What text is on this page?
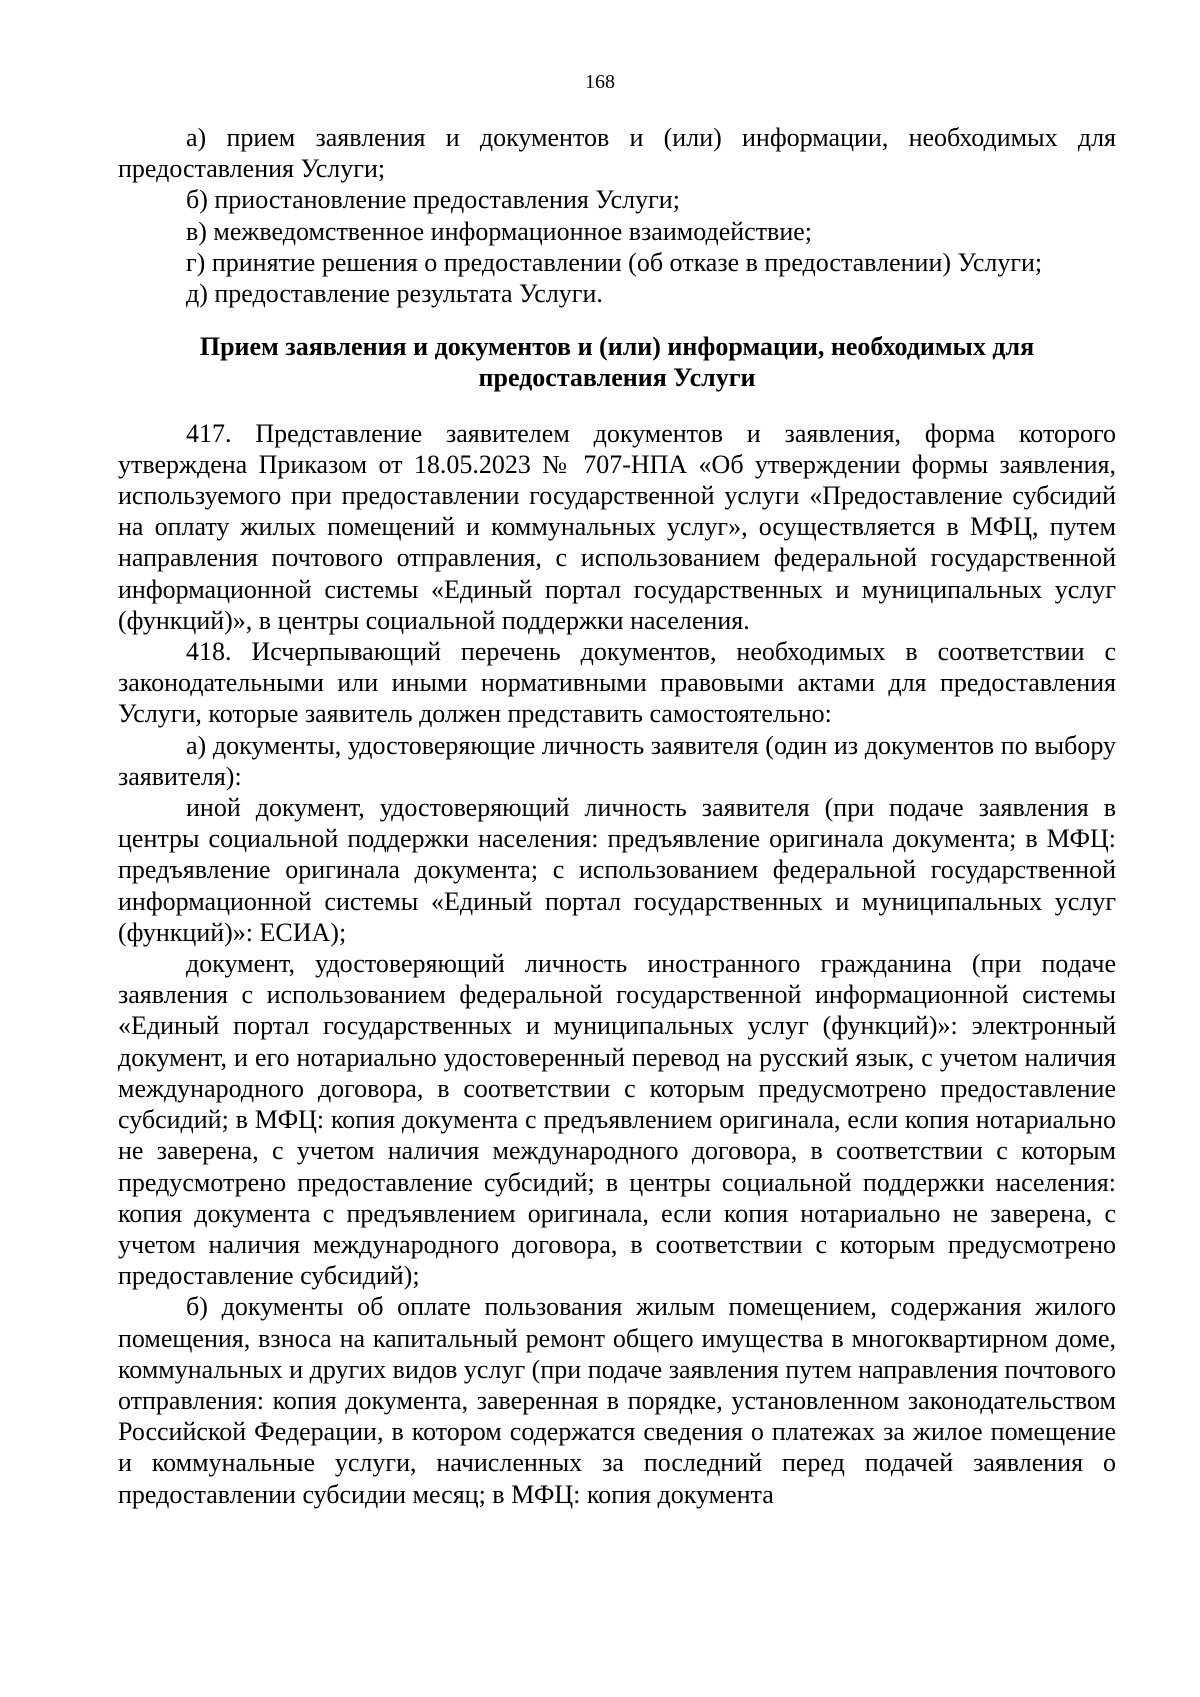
168

а) прием заявления и документов и (или) информации, необходимых для предоставления Услуги;

б) приостановление предоставления Услуги;

в) межведомственное информационное взаимодействие;

г) принятие решения о предоставлении (об отказе в предоставлении) Услуги;

д) предоставление результата Услуги.

Прием заявления и документов и (или) информации, необходимых для предоставления Услуги

417. Представление заявителем документов и заявления, форма которого утверждена Приказом от 18.05.2023 № 707-НПА «Об утверждении формы заявления, используемого при предоставлении государственной услуги «Предоставление субсидий на оплату жилых помещений и коммунальных услуг», осуществляется в МФЦ, путем направления почтового отправления, с использованием федеральной государственной информационной системы «Единый портал государственных и муниципальных услуг (функций)», в центры социальной поддержки населения.

418. Исчерпывающий перечень документов, необходимых в соответствии с законодательными или иными нормативными правовыми актами для предоставления Услуги, которые заявитель должен представить самостоятельно:

а) документы, удостоверяющие личность заявителя (один из документов по выбору заявителя):

иной документ, удостоверяющий личность заявителя (при подаче заявления в центры социальной поддержки населения: предъявление оригинала документа; в МФЦ: предъявление оригинала документа; с использованием федеральной государственной информационной системы «Единый портал государственных и муниципальных услуг (функций)»: ЕСИА);

документ, удостоверяющий личность иностранного гражданина (при подаче заявления с использованием федеральной государственной информационной системы «Единый портал государственных и муниципальных услуг (функций)»: электронный документ, и его нотариально удостоверенный перевод на русский язык, с учетом наличия международного договора, в соответствии с которым предусмотрено предоставление субсидий; в МФЦ: копия документа с предъявлением оригинала, если копия нотариально не заверена, с учетом наличия международного договора, в соответствии с которым предусмотрено предоставление субсидий; в центры социальной поддержки населения: копия документа с предъявлением оригинала, если копия нотариально не заверена, с учетом наличия международного договора, в соответствии с которым предусмотрено предоставление субсидий);

б) документы об оплате пользования жилым помещением, содержания жилого помещения, взноса на капитальный ремонт общего имущества в многоквартирном доме, коммунальных и других видов услуг (при подаче заявления путем направления почтового отправления: копия документа, заверенная в порядке, установленном законодательством Российской Федерации, в котором содержатся сведения о платежах за жилое помещение и коммунальные услуги, начисленных за последний перед подачей заявления о предоставлении субсидии месяц; в МФЦ: копия документа
